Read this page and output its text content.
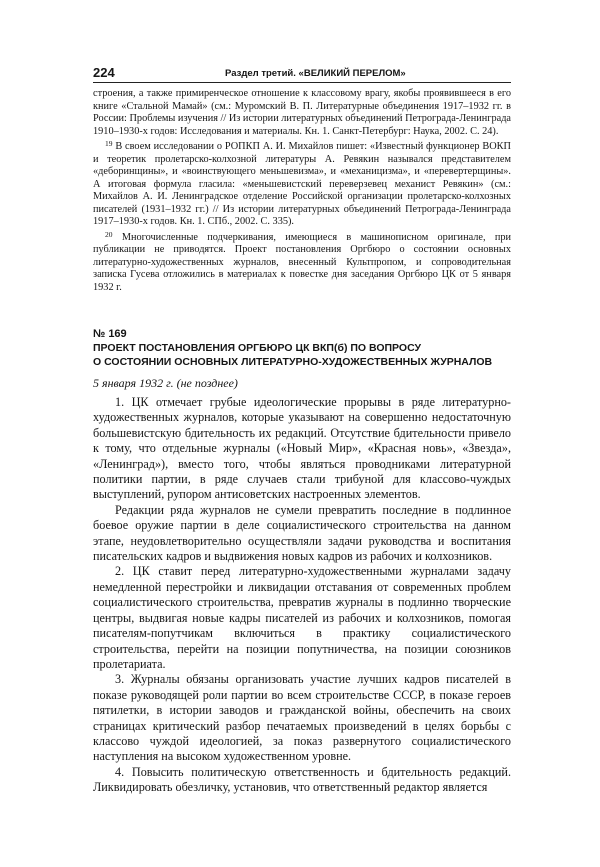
224	Раздел третий. «ВЕЛИКИЙ ПЕРЕЛОМ»

строения, а также примиренческое отношение к классовому врагу, якобы проявившееся в его книге «Стальной Мамай» (см.: Муромский В. П. Литературные объединения 1917–1932 гг. в России: Проблемы изучения // Из истории литературных объединений Петрограда-Ленинграда 1910–1930-х годов: Исследования и материалы. Кн. 1. Санкт-Петербург: Наука, 2002. С. 24).

$^{19}$ В своем исследовании о РОПКП А. И. Михайлов пишет: «Известный функционер ВОКП и теоретик пролетарско-колхозной литературы А. Ревякин назывался представителем «деборинщины», и «воинствующего меньшевизма», и «механицизма», и «перевертерщины». А итоговая формула гласила: «меньшевистский переверзевец механист Ревякин» (см.: Михайлов А. И. Ленинградское отделение Российской организации пролетарско-колхозных писателей (1931–1932 гг.) // Из истории литературных объединений Петрограда-Ленинграда 1917–1930-х годов. Кн. 1. СПб., 2002. С. 335).

$^{20}$ Многочисленные подчеркивания, имеющиеся в машинописном оригинале, при публикации не приводятся. Проект постановления Оргбюро о состоянии основных литературно-художественных журналов, внесенный Культпропом, и сопроводительная записка Гусева отложились в материалах к повестке дня заседания Оргбюро ЦК от 5 января 1932 г.

№ 169
ПРОЕКТ ПОСТАНОВЛЕНИЯ ОРГБЮРО ЦК ВКП(б) ПО ВОПРОСУ
О СОСТОЯНИИ ОСНОВНЫХ ЛИТЕРАТУРНО-ХУДОЖЕСТВЕННЫХ ЖУРНАЛОВ
5 января 1932 г. (не позднее)

1. ЦК отмечает грубые идеологические прорывы в ряде литературно-художественных журналов, которые указывают на совершенно недостаточную большевистскую бдительность их редакций. Отсутствие бдительности привело к тому, что отдельные журналы («Новый Мир», «Красная новь», «Звезда», «Ленинград»), вместо того, чтобы являться проводниками литературной политики партии, в ряде случаев стали трибуной для классово-чуждых выступлений, рупором антисоветских настроенных элементов.

Редакции ряда журналов не сумели превратить последние в подлинное боевое оружие партии в деле социалистического строительства на данном этапе, неудовлетворительно осуществляли задачи руководства и воспитания писательских кадров и выдвижения новых кадров из рабочих и колхозников.

2. ЦК ставит перед литературно-художественными журналами задачу немедленной перестройки и ликвидации отставания от современных проблем социалистического строительства, превратив журналы в подлинно творческие центры, выдвигая новые кадры писателей из рабочих и колхозников, помогая писателям-попутчикам включиться в практику социалистического строительства, перейти на позиции попутничества, на позиции союзников пролетариата.

3. Журналы обязаны организовать участие лучших кадров писателей в показе руководящей роли партии во всем строительстве СССР, в показе героев пятилетки, в истории заводов и гражданской войны, обеспечить на своих страницах критический разбор печатаемых произведений в целях борьбы с классово чуждой идеологией, за показ развернутого социалистического наступления на высоком художественном уровне.

4. Повысить политическую ответственность и бдительность редакций. Ликвидировать обезличку, установив, что ответственный редактор является
